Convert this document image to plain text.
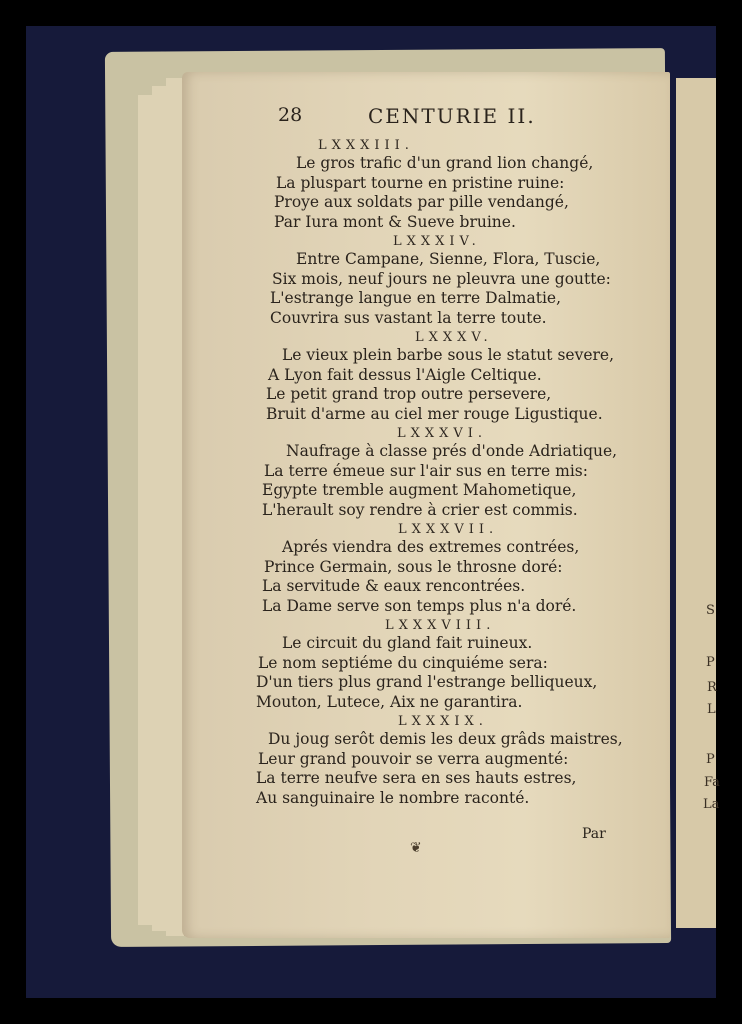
28	CENTURIE II.
LXXXIII.
Le gros trafic d'un grand lion changé,
La pluspart tourne en pristine ruine:
Proye aux soldats par pille vendangé,
Par Iura mont & Sueve bruine.
LXXXIV.
Entre Campane, Sienne, Flora, Tuscie,
Six mois, neuf jours ne pleuvra une goutte:
L'estrange langue en terre Dalmatie,
Couvrira sus vastant la terre toute.
LXXXV.
Le vieux plein barbe sous le statut severe,
A Lyon fait dessus l'Aigle Celtique.
Le petit grand trop outre persevere,
Bruit d'arme au ciel mer rouge Ligustique.
LXXXVI.
Naufrage à classe prés d'onde Adriatique,
La terre émeue sur l'air sus en terre mis:
Egypte tremble augment Mahometique,
L'herault soy rendre à crier est commis.
LXXXVII.
Aprés viendra des extremes contrées,
Prince Germain, sous le throsne doré:
La servitude & eaux rencontrées.
La Dame serve son temps plus n'a doré.
LXXXVIII.
Le circuit du gland fait ruineux.
Le nom septiéme du cinquiéme sera:
D'un tiers plus grand l'estrange belliqueux,
Mouton, Lutece, Aix ne garantira.
LXXXIX.
Du joug serôt demis les deux grâds maistres,
Leur grand pouvoir se verra augmenté:
La terre neufve sera en ses hauts estres,
Au sanguinaire le nombre raconté.
Par
❦
P
R
L
P
Fa
La
S
